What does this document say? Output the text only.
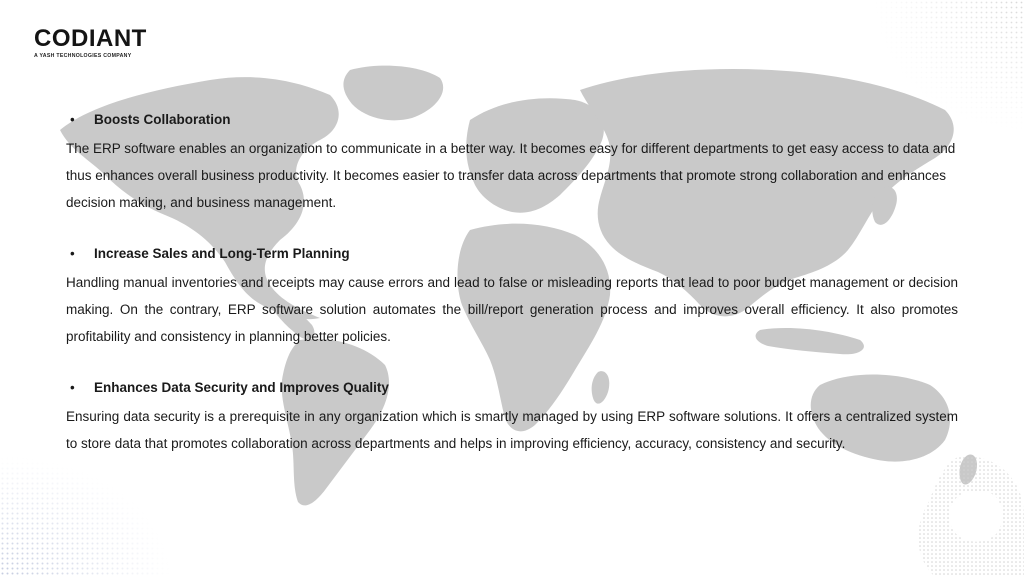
CODIANT
A YASH TECHNOLOGIES COMPANY
• Boosts Collaboration

The ERP software enables an organization to communicate in a better way. It becomes easy for different departments to get easy access to data and thus enhances overall business productivity. It becomes easier to transfer data across departments that promote strong collaboration and enhances decision making, and business management.

• Increase Sales and Long-Term Planning

Handling manual inventories and receipts may cause errors and lead to false or misleading reports that lead to poor budget management or decision making. On the contrary, ERP software solution automates the bill/report generation process and improves overall efficiency. It also promotes profitability and consistency in planning better policies.

• Enhances Data Security and Improves Quality

Ensuring data security is a prerequisite in any organization which is smartly managed by using ERP software solutions. It offers a centralized system to store data that promotes collaboration across departments and helps in improving efficiency, accuracy, consistency and security.
